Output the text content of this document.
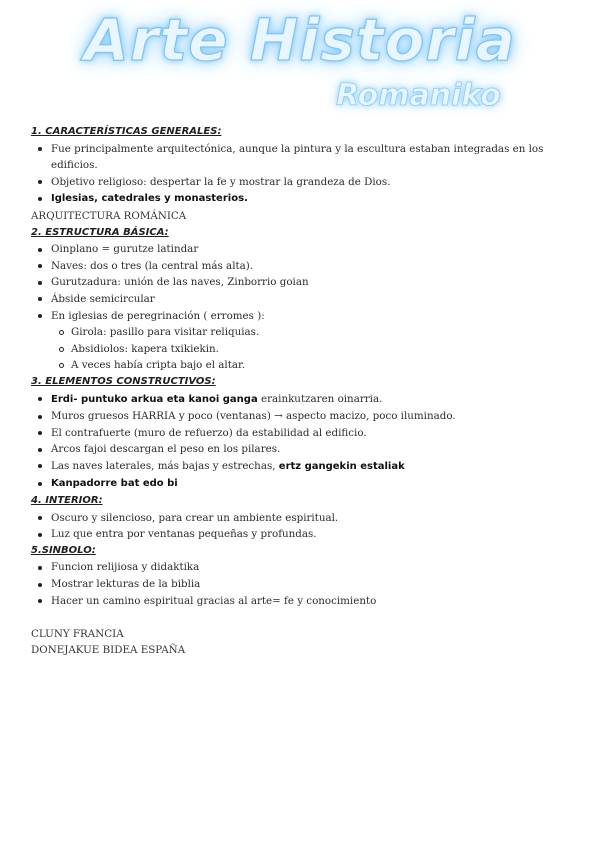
Arte Historia
Romaniko
1. CARACTERÍSTICAS GENERALES:
Fue principalmente arquitectónica, aunque la pintura y la escultura estaban integradas en los edificios.
Objetivo religioso: despertar la fe y mostrar la grandeza de Dios.
Iglesias, catedrales y monasterios.
ARQUITECTURA ROMÁNICA
2. ESTRUCTURA BÁSICA:
Oinplano = gurutze latindar
Naves: dos o tres (la central más alta).
Gurutzadura: unión de las naves, Zinborrio goian
Ábside semicircular
En iglesias de peregrinación ( erromes ):
Girola: pasillo para visitar reliquias.
Absidiolos: kapera txikiekin.
A veces había cripta bajo el altar.
3. ELEMENTOS CONSTRUCTIVOS:
Erdi- puntuko arkua eta kanoi ganga erainkutzaren oinarria.
Muros gruesos HARRIA y poco (ventanas) → aspecto macizo, poco iluminado.
El contrafuerte (muro de refuerzo) da estabilidad al edificio.
Arcos fajoi descargan el peso en los pilares.
Las naves laterales, más bajas y estrechas, ertz gangekin estaliak
Kanpadorre bat edo bi
4. INTERIOR:
Oscuro y silencioso, para crear un ambiente espiritual.
Luz que entra por ventanas pequeñas y profundas.
5.SINBOLO:
Funcion relijiosa y didaktika
Mostrar lekturas de la biblia
Hacer un camino espiritual gracias al arte= fe y conocimiento
CLUNY FRANCIA
DONEJAKUE BIDEA ESPAÑA
